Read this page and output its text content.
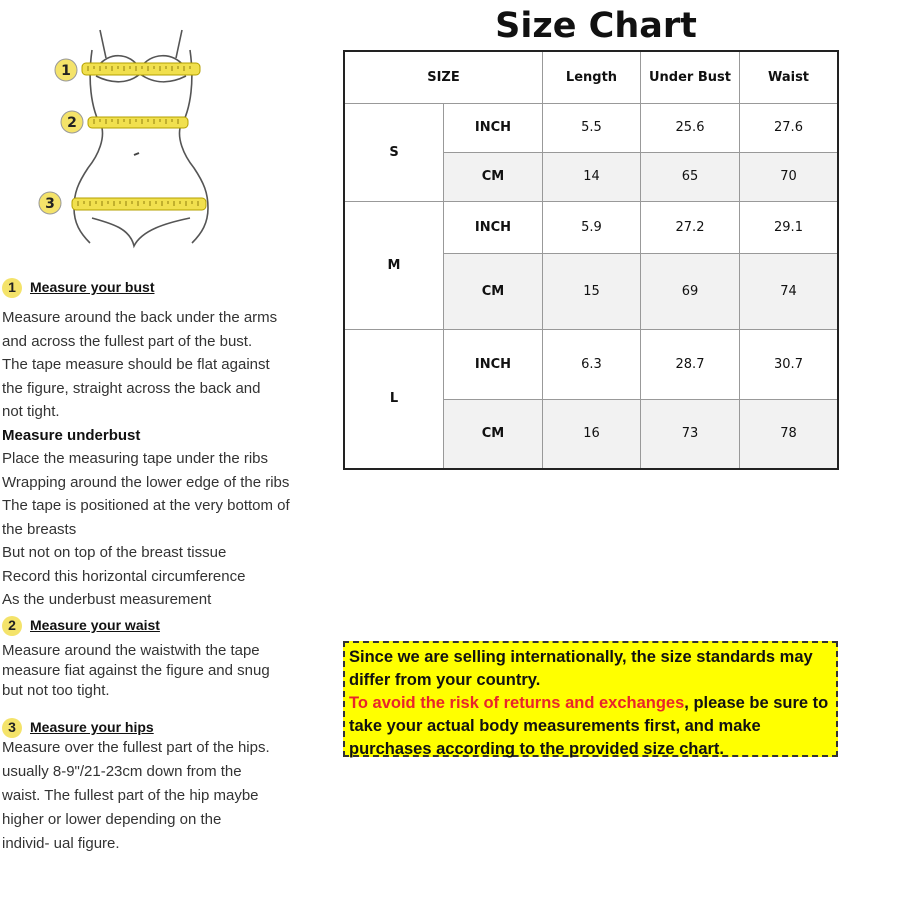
Size Chart
SIZE		Length	Under Bust	Waist
S	INCH	5.5	25.6	27.6
	CM	14	65	70
M	INCH	5.9	27.2	29.1
	CM	15	69	74
L	INCH	6.3	28.7	30.7
	CM	16	73	78
1
2
3
1	Measure your bust
Measure around the back under the arms
and across the fullest part of the bust.
The tape measure should be flat against
the figure, straight across the back and
not tight.
Measure underbust
Place the measuring tape under the ribs
Wrapping around the lower edge of the ribs
The tape is positioned at the very bottom of
the breasts
But not on top of the breast tissue
Record this horizontal circumference
As the underbust measurement
2	Measure your waist
Measure around the waistwith the tape
measure fiat against the figure and snug
but not too tight.
3	Measure your hips
Measure over the fullest part of the hips.
usually 8-9"/21-23cm down from the
waist. The fullest part of the hip maybe
higher or lower depending on the
individ- ual figure.
Since we are selling internationally, the size standards may differ from your country.
To avoid the risk of returns and exchanges, please be sure to take your actual body measurements first, and make purchases according to the provided size chart.
